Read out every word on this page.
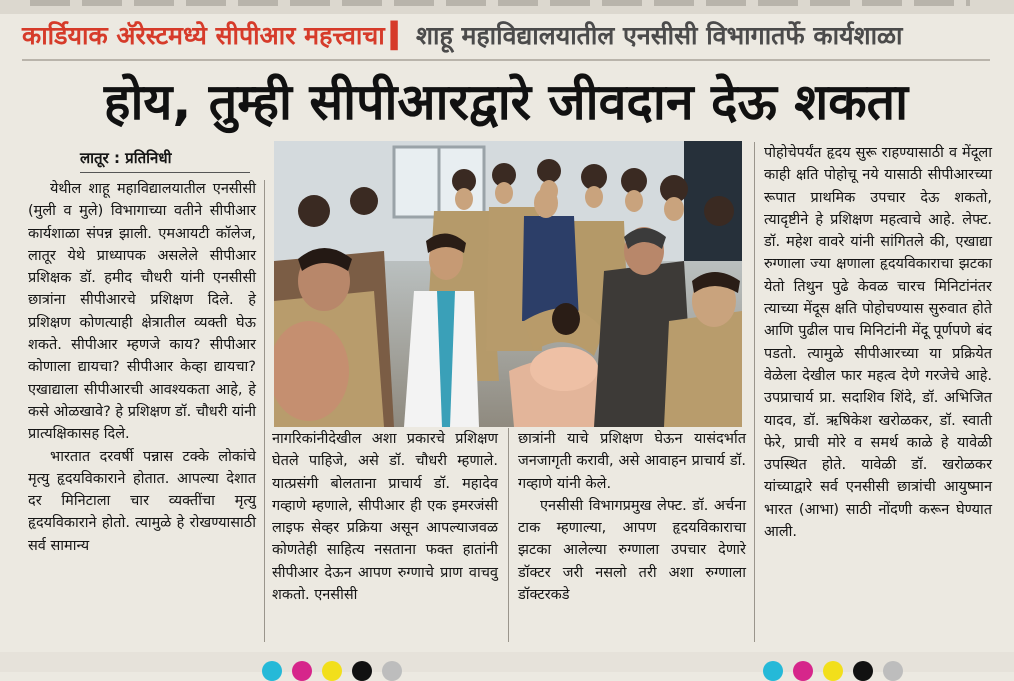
कार्डियाक अ‍ॅरेस्टमध्ये सीपीआर महत्त्वाचा ▍ शाहू महाविद्यालयातील एनसीसी विभागातर्फे कार्यशाळा
होय, तुम्ही सीपीआरद्वारे जीवदान देऊ शकता
लातूर : प्रतिनिधी

येथील शाहू महाविद्यालयातील एनसीसी (मुली व मुले) विभागाच्या वतीने सीपीआर कार्यशाळा संपन्न झाली. एमआयटी कॉलेज, लातूर येथे प्राध्यापक असलेले सीपीआर प्रशिक्षक डॉ. हमीद चौधरी यांनी एनसीसी छात्रांना सीपीआरचे प्रशिक्षण दिले. हे प्रशिक्षण कोणत्याही क्षेत्रातील व्यक्ती घेऊ शकते. सीपीआर म्हणजे काय? सीपीआर कोणाला द्यायचा? सीपीआर केव्हा द्यायचा? एखाद्याला सीपीआरची आवश्यकता आहे, हे कसे ओळखावे? हे प्रशिक्षण डॉ. चौधरी यांनी प्रात्यक्षिकासह दिले.

भारतात दरवर्षी पन्नास टक्के लोकांचे मृत्यु हृदयविकाराने होतात. आपल्या देशात दर मिनिटाला चार व्यक्तींचा मृत्यु हृदयविकाराने होतो. त्यामुळे हे रोखण्यासाठी सर्व सामान्य

नागरिकांनीदेखील अशा प्रकारचे प्रशिक्षण घेतले पाहिजे, असे डॉ. चौधरी म्हणाले. यात्प्रसंगी बोलताना प्राचार्य डॉ. महादेव गव्हाणे म्हणाले, सीपीआर ही एक इमरजंसी लाइफ सेव्हर प्रक्रिया असून आपल्याजवळ कोणतेही साहित्य नसताना फक्त हातांनी सीपीआर देऊन आपण रुग्णाचे प्राण वाचवु शकतो. एनसीसी

छात्रांनी याचे प्रशिक्षण घेऊन यासंदर्भात जनजागृती करावी, असे आवाहन प्राचार्य डॉ. गव्हाणे यांनी केले.

एनसीसी विभागप्रमुख लेफ्ट. डॉ. अर्चना टाक म्हणाल्या, आपण हृदयविकाराचा झटका आलेल्या रुग्णाला उपचार देणारे डॉक्टर जरी नसलो तरी अशा रुग्णाला डॉक्टरकडे

पोहोचेपर्यंत हृदय सुरू राहण्यासाठी व मेंदूला काही क्षति पोहोचू नये यासाठी सीपीआरच्या रूपात प्राथमिक उपचार देऊ शकतो, त्यादृष्टीने हे प्रशिक्षण महत्वाचे आहे. लेफ्ट. डॉ. महेश वावरे यांनी सांगितले की, एखाद्या रुग्णाला ज्या क्षणाला हृदयविकाराचा झटका येतो तिथुन पुढे केवळ चारच मिनिटांनंतर त्याच्या मेंदूस क्षति पोहोचण्यास सुरुवात होते आणि पुढील पाच मिनिटांनी मेंदू पूर्णपणे बंद पडतो. त्यामुळे सीपीआरच्या या प्रक्रियेत वेळेला देखील फार महत्व देणे गरजेचे आहे. उपप्राचार्य प्रा. सदाशिव शिंदे, डॉ. अभिजित यादव, डॉ. ऋषिकेश खरोळकर, डॉ. स्वाती फेरे, प्राची मोरे व समर्थ काळे हे यावेळी उपस्थित होते. यावेळी डॉ. खरोळकर यांच्याद्वारे सर्व एनसीसी छात्रांची आयुष्मान भारत (आभा) साठी नोंदणी करून घेण्यात आली.
